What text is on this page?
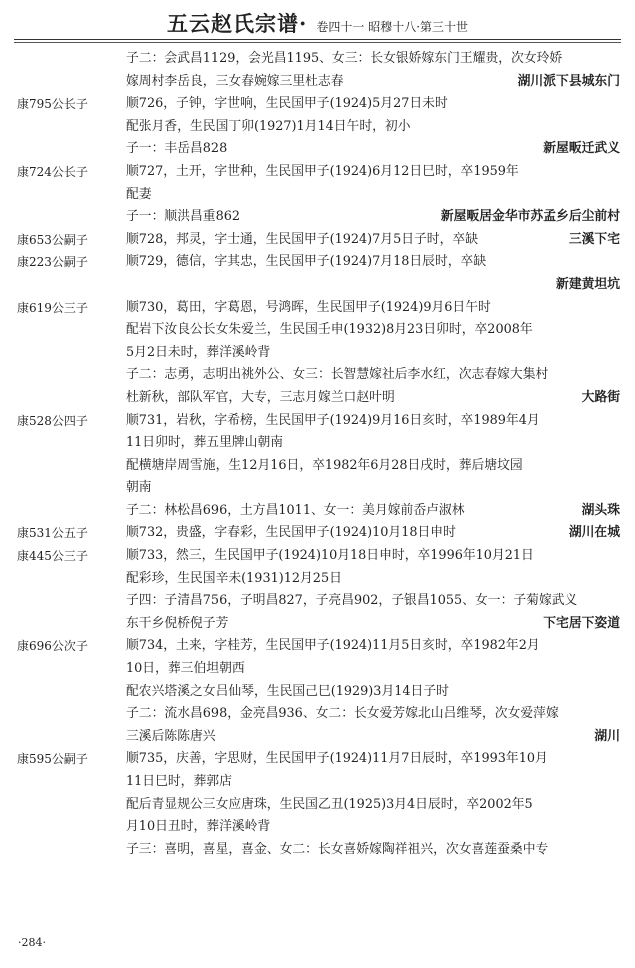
五云赵氏宗谱· 卷四十一 昭穆十八·第三十世
子二：会武昌1129，会光昌1195、女三：长女银娇嫁东门王耀贵，次女玲娇
嫁周村李岳良，三女春婉嫁三里杜志春	湖川派下县城东门
康795公长子	顺726，子钟，字世响，生民国甲子(1924)5月27日未时
配张月香，生民国丁卯(1927)1月14日午时，初小
子一：丰岳昌828	新屋畈迁武义
康724公长子	顺727，土开，字世种，生民国甲子(1924)6月12日巳时，卒1959年
配妻
子一：顺洪昌重862	新屋畈居金华市苏孟乡后尘前村
康653公嗣子	顺728，邦灵，字士通，生民国甲子(1924)7月5日子时，卒缺	三溪下宅
康223公嗣子	顺729，德信，字其忠，生民国甲子(1924)7月18日辰时，卒缺
新建黄坦坑
康619公三子	顺730，葛田，字葛恩，号鸿晖，生民国甲子(1924)9月6日午时
配岩下汝良公长女朱爱兰，生民国壬申(1932)8月23日卯时，卒2008年
5月2日未时，葬洋溪岭背
子二：志勇，志明出祧外公、女三：长智慧嫁社后李水红，次志春嫁大集村
杜新秋，部队军官，大专，三志月嫁兰口赵叶明	大路街
康528公四子	顺731，岩秋，字希榜，生民国甲子(1924)9月16日亥时，卒1989年4月
11日卯时，葬五里牌山朝南
配横塘岸周雪施，生12月16日，卒1982年6月28日戌时，葬后塘坟园
朝南
子二：林松昌696，土方昌1011、女一：美月嫁前岙卢淑林	湖头珠
康531公五子	顺732，贵盛，字春彩，生民国甲子(1924)10月18日申时	湖川在城
康445公三子	顺733，然三，生民国甲子(1924)10月18日申时，卒1996年10月21日
配彩珍，生民国辛未(1931)12月25日
子四：子清昌756，子明昌827，子亮昌902，子银昌1055、女一：子菊嫁武义
东干乡倪桥倪子芳	下宅居下姿道
康696公次子	顺734，土来，字桂芳，生民国甲子(1924)11月5日亥时，卒1982年2月
10日，葬三伯坦朝西
配农兴塔溪之女吕仙琴，生民国己巳(1929)3月14日子时
子二：流水昌698，金亮昌936、女二：长女爱芳嫁北山吕维琴，次女爱萍嫁
三溪后陈陈唐兴	湖川
康595公嗣子	顺735，庆善，字思财，生民国甲子(1924)11月7日辰时，卒1993年10月
11日巳时，葬郭店
配后青显规公三女应唐珠，生民国乙丑(1925)3月4日辰时，卒2002年5
月10日丑时，葬洋溪岭背
子三：喜明，喜星，喜金、女二：长女喜娇嫁陶祥祖兴，次女喜莲蚕桑中专
·284·
